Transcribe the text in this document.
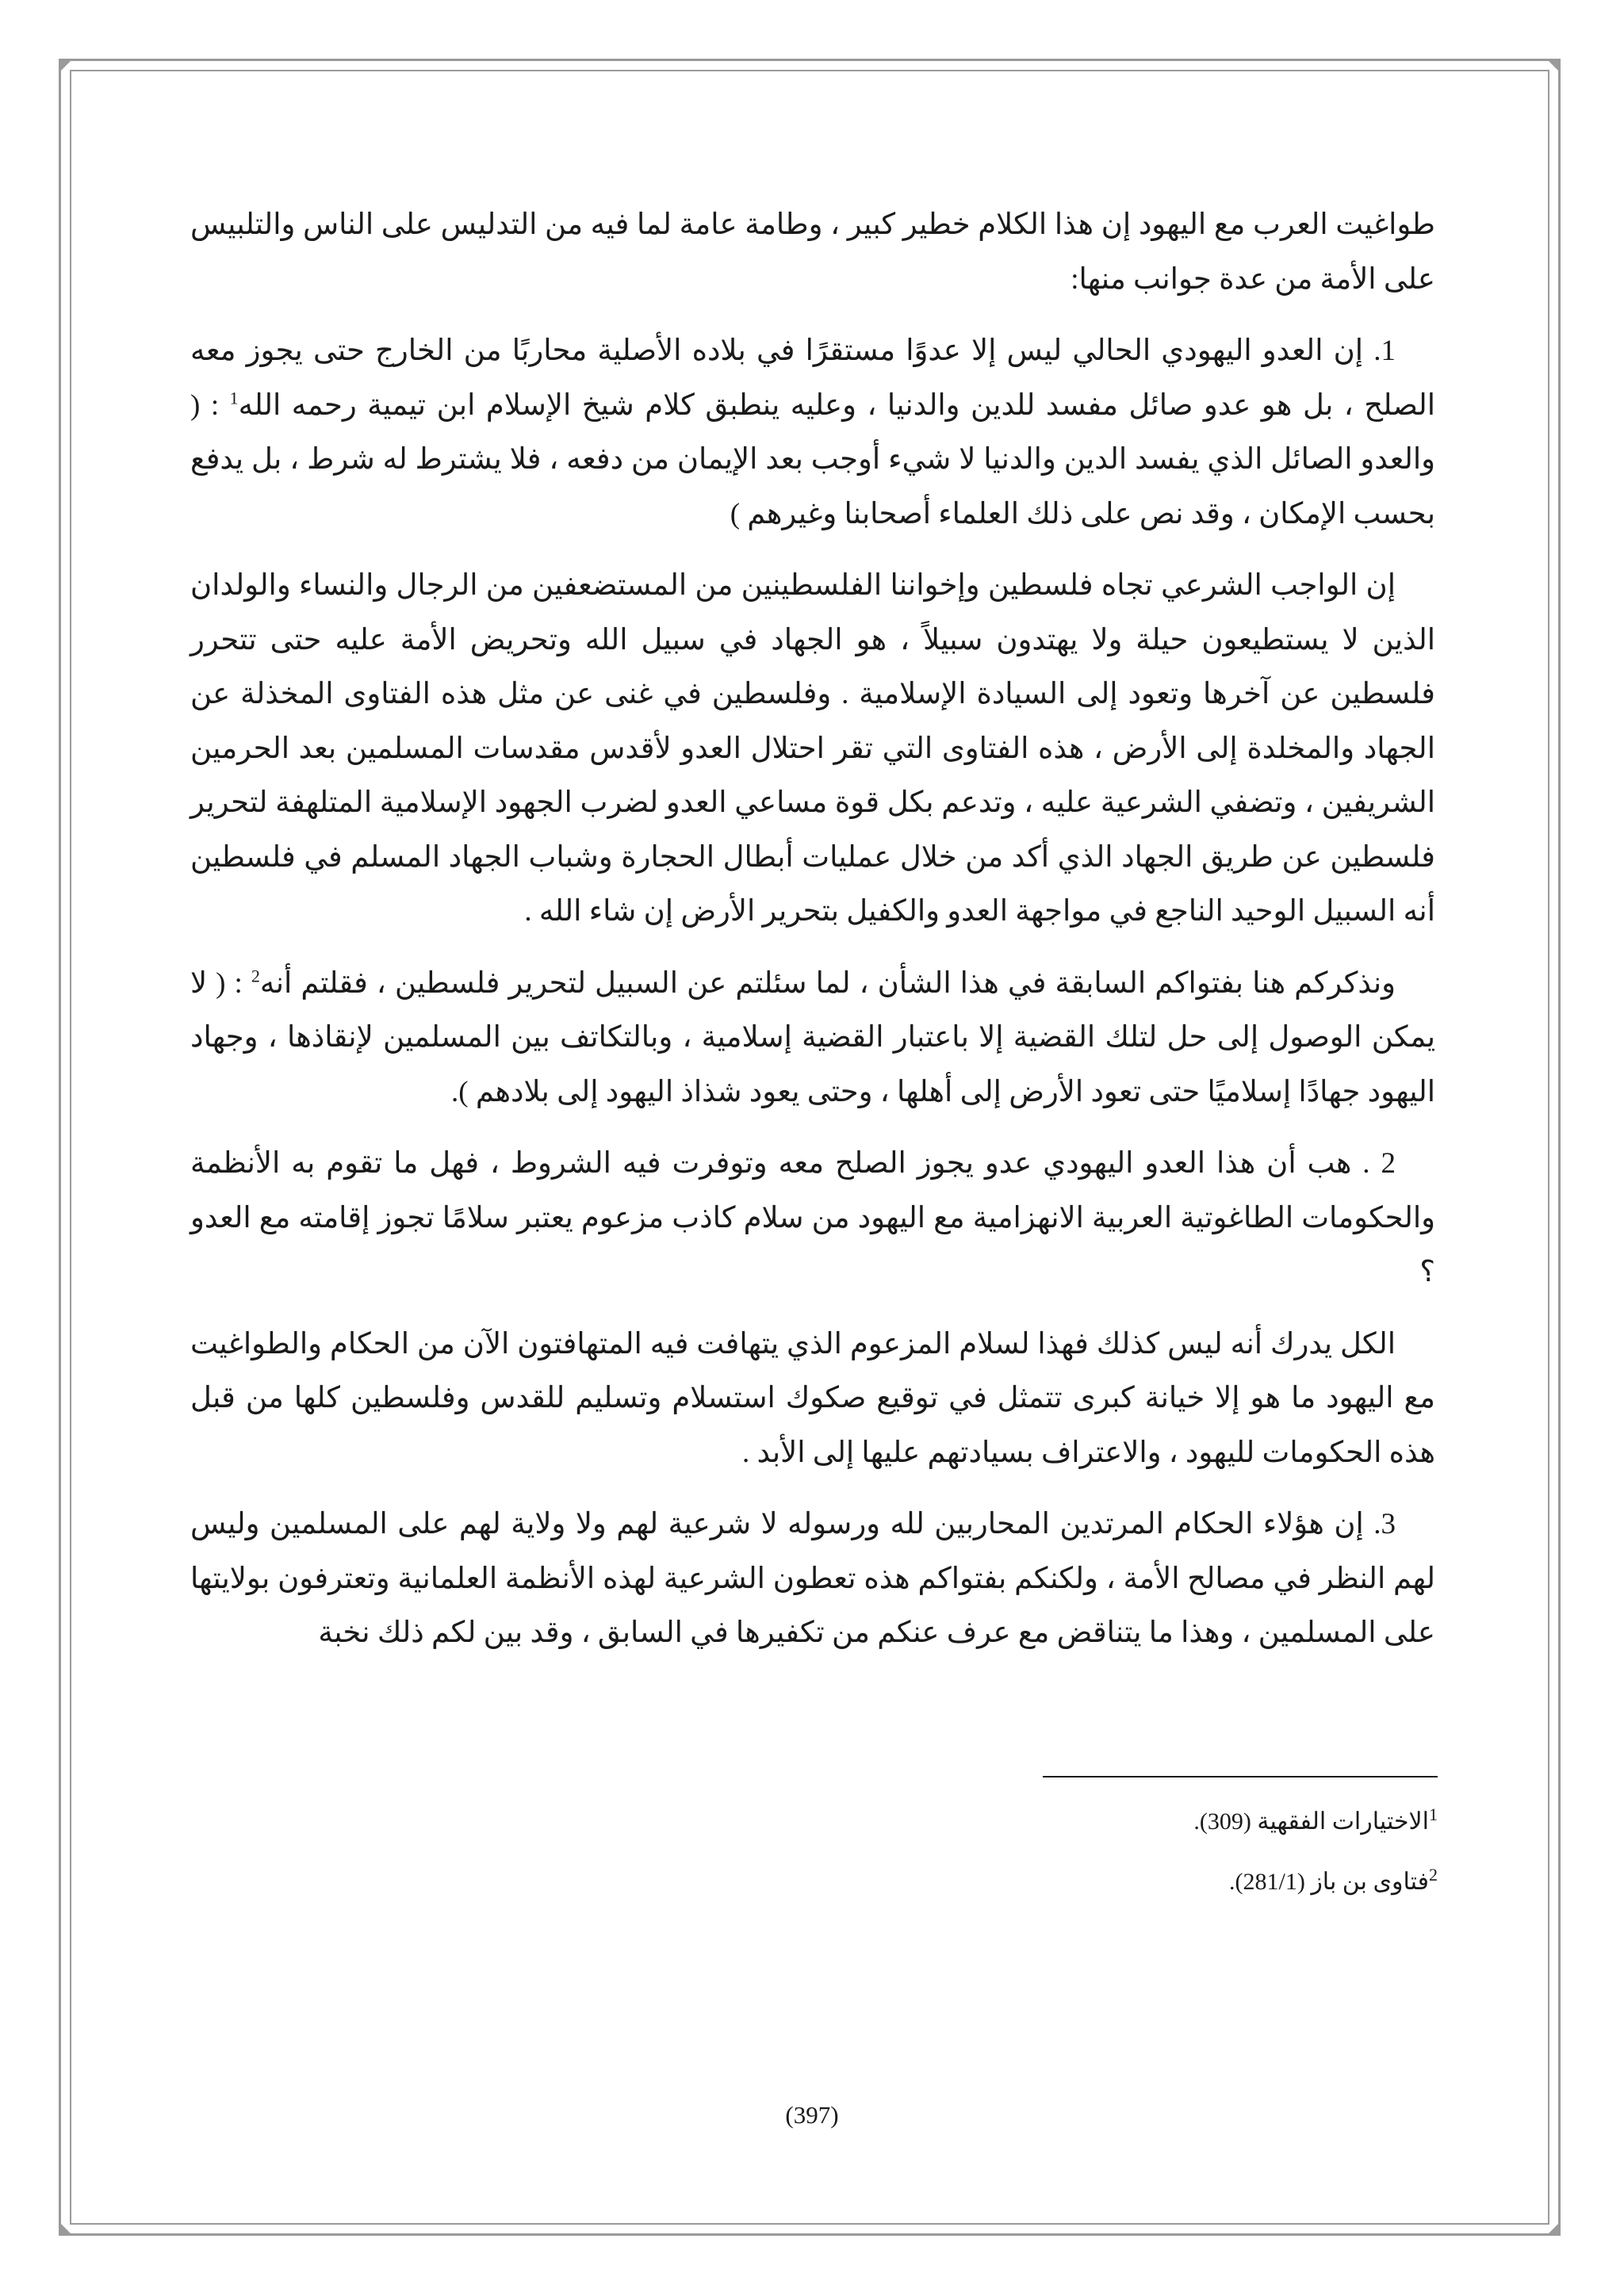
طواغيت العرب مع اليهود إن هذا الكلام خطير كبير ، وطامة عامة لما فيه من التدليس على الناس والتلبيس على الأمة من عدة جوانب منها:

1. إن العدو اليهودي الحالي ليس إلا عدوًا مستقرًا في بلاده الأصلية محاربًا من الخارج حتى يجوز معه الصلح ، بل هو عدو صائل مفسد للدين والدنيا ، وعليه ينطبق كلام شيخ الإسلام ابن تيمية رحمه الله$^1$ : ( والعدو الصائل الذي يفسد الدين والدنيا لا شيء أوجب بعد الإيمان من دفعه ، فلا يشترط له شرط ، بل يدفع بحسب الإمكان ، وقد نص على ذلك العلماء أصحابنا وغيرهم )

إن الواجب الشرعي تجاه فلسطين وإخواننا الفلسطينين من المستضعفين من الرجال والنساء والولدان الذين لا يستطيعون حيلة ولا يهتدون سبيلاً ، هو الجهاد في سبيل الله وتحريض الأمة عليه حتى تتحرر فلسطين عن آخرها وتعود إلى السيادة الإسلامية . وفلسطين في غنى عن مثل هذه الفتاوى المخذلة عن الجهاد والمخلدة إلى الأرض ، هذه الفتاوى التي تقر احتلال العدو لأقدس مقدسات المسلمين بعد الحرمين الشريفين ، وتضفي الشرعية عليه ، وتدعم بكل قوة مساعي العدو لضرب الجهود الإسلامية المتلهفة لتحرير فلسطين عن طريق الجهاد الذي أكد من خلال عمليات أبطال الحجارة وشباب الجهاد المسلم في فلسطين أنه السبيل الوحيد الناجع في مواجهة العدو والكفيل بتحرير الأرض إن شاء الله .

ونذكركم هنا بفتواكم السابقة في هذا الشأن ، لما سئلتم عن السبيل لتحرير فلسطين ، فقلتم أنه$^2$ : ( لا يمكن الوصول إلى حل لتلك القضية إلا باعتبار القضية إسلامية ، وبالتكاتف بين المسلمين لإنقاذها ، وجهاد اليهود جهادًا إسلاميًا حتى تعود الأرض إلى أهلها ، وحتى يعود شذاذ اليهود إلى بلادهم ).

2 . هب أن هذا العدو اليهودي عدو يجوز الصلح معه وتوفرت فيه الشروط ، فهل ما تقوم به الأنظمة والحكومات الطاغوتية العربية الانهزامية مع اليهود من سلام كاذب مزعوم يعتبر سلامًا تجوز إقامته مع العدو ؟

الكل يدرك أنه ليس كذلك فهذا لسلام المزعوم الذي يتهافت فيه المتهافتون الآن من الحكام والطواغيت مع اليهود ما هو إلا خيانة كبرى تتمثل في توقيع صكوك استسلام وتسليم للقدس وفلسطين كلها من قبل هذه الحكومات لليهود ، والاعتراف بسيادتهم عليها إلى الأبد .

3. إن هؤلاء الحكام المرتدين المحاربين لله ورسوله لا شرعية لهم ولا ولاية لهم على المسلمين وليس لهم النظر في مصالح الأمة ، ولكنكم بفتواكم هذه تعطون الشرعية لهذه الأنظمة العلمانية وتعترفون بولايتها على المسلمين ، وهذا ما يتناقض مع عرف عنكم من تكفيرها في السابق ، وقد بين لكم ذلك نخبة

$^1$الاختيارات الفقهية (309).

$^2$فتاوى بن باز (281/1).

(397)
